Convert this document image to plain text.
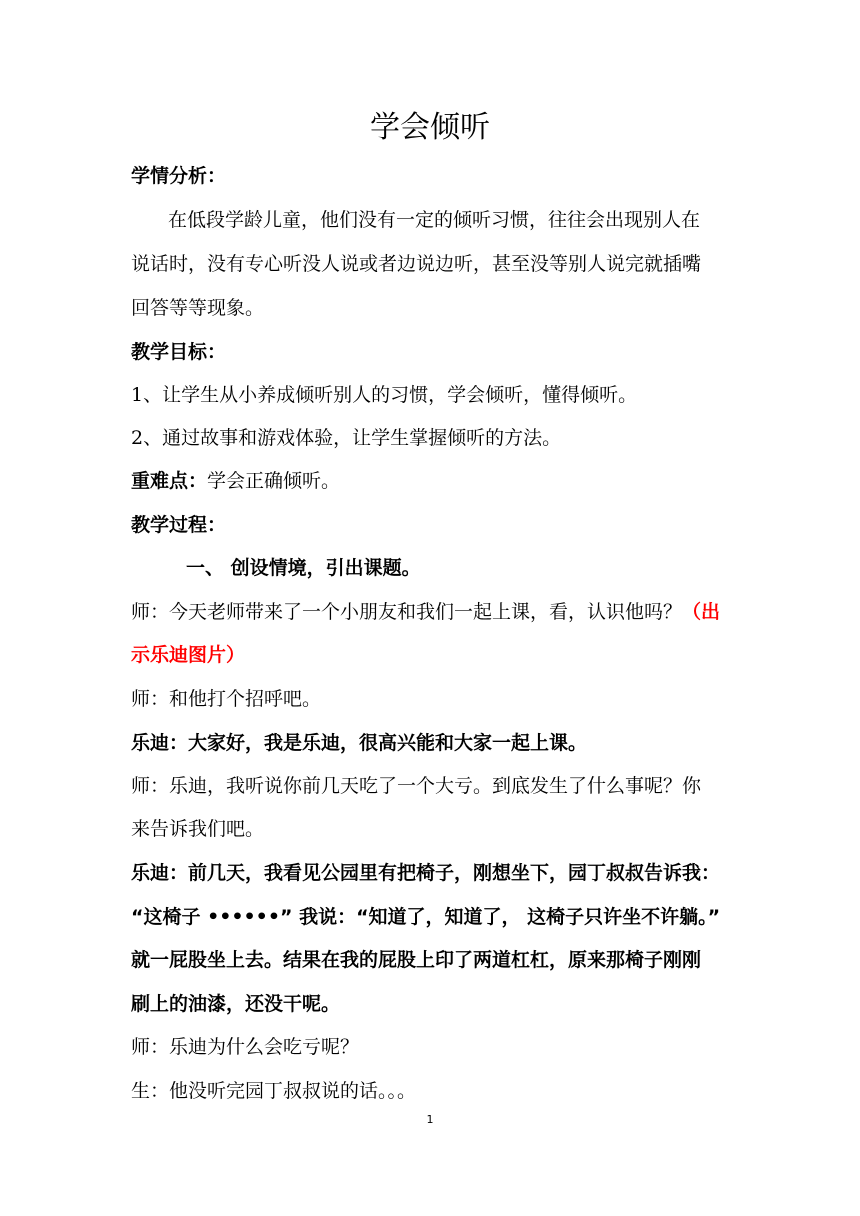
学会倾听

学情分析：

在低段学龄儿童，他们没有一定的倾听习惯，往往会出现别人在

说话时，没有专心听没人说或者边说边听，甚至没等别人说完就插嘴

回答等等现象。

教学目标：

1、让学生从小养成倾听别人的习惯，学会倾听，懂得倾听。

2、通过故事和游戏体验，让学生掌握倾听的方法。

重难点：学会正确倾听。

教学过程：

一、 创设情境，引出课题。

师：今天老师带来了一个小朋友和我们一起上课，看，认识他吗？（出

示乐迪图片）

师：和他打个招呼吧。

乐迪：大家好，我是乐迪，很高兴能和大家一起上课。

师：乐迪，我听说你前几天吃了一个大亏。到底发生了什么事呢？你

来告诉我们吧。

乐迪：前几天，我看见公园里有把椅子，刚想坐下，园丁叔叔告诉我：

“这椅子 ••••••” 我说：“知道了，知道了， 这椅子只许坐不许躺。”

就一屁股坐上去。结果在我的屁股上印了两道杠杠，原来那椅子刚刚

刷上的油漆，还没干呢。

师：乐迪为什么会吃亏呢？

生：他没听完园丁叔叔说的话。。。

1
